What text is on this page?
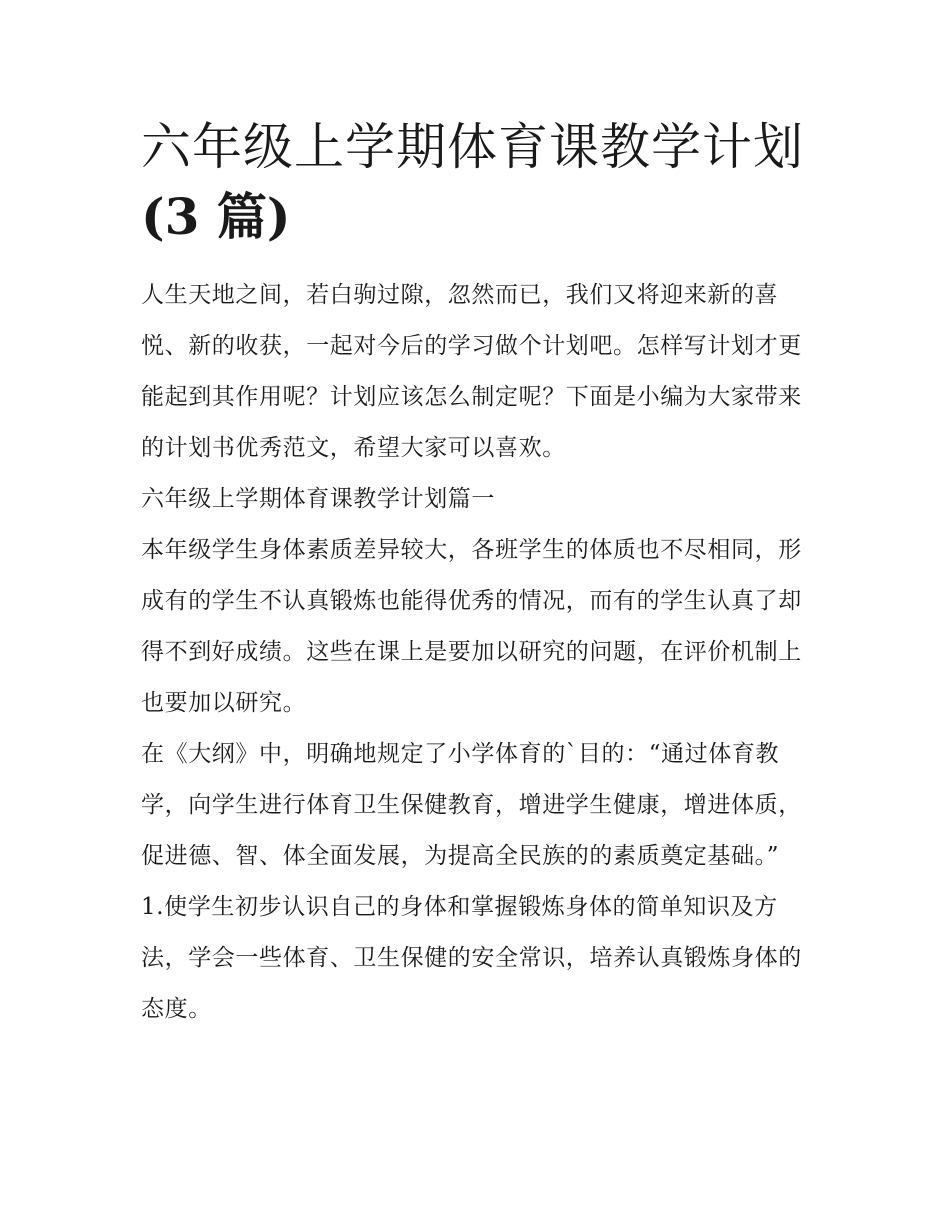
六年级上学期体育课教学计划
(3 篇)

人生天地之间，若白驹过隙，忽然而已，我们又将迎来新的喜悦、新的收获，一起对今后的学习做个计划吧。怎样写计划才更能起到其作用呢？计划应该怎么制定呢？下面是小编为大家带来的计划书优秀范文，希望大家可以喜欢。

六年级上学期体育课教学计划篇一

本年级学生身体素质差异较大，各班学生的体质也不尽相同，形成有的学生不认真锻炼也能得优秀的情况，而有的学生认真了却得不到好成绩。这些在课上是要加以研究的问题，在评价机制上也要加以研究。

在《大纲》中，明确地规定了小学体育的`目的：“通过体育教学，向学生进行体育卫生保健教育，增进学生健康，增进体质，促进德、智、体全面发展，为提高全民族的的素质奠定基础。”

1.使学生初步认识自己的身体和掌握锻炼身体的简单知识及方法，学会一些体育、卫生保健的安全常识，培养认真锻炼身体的态度。
